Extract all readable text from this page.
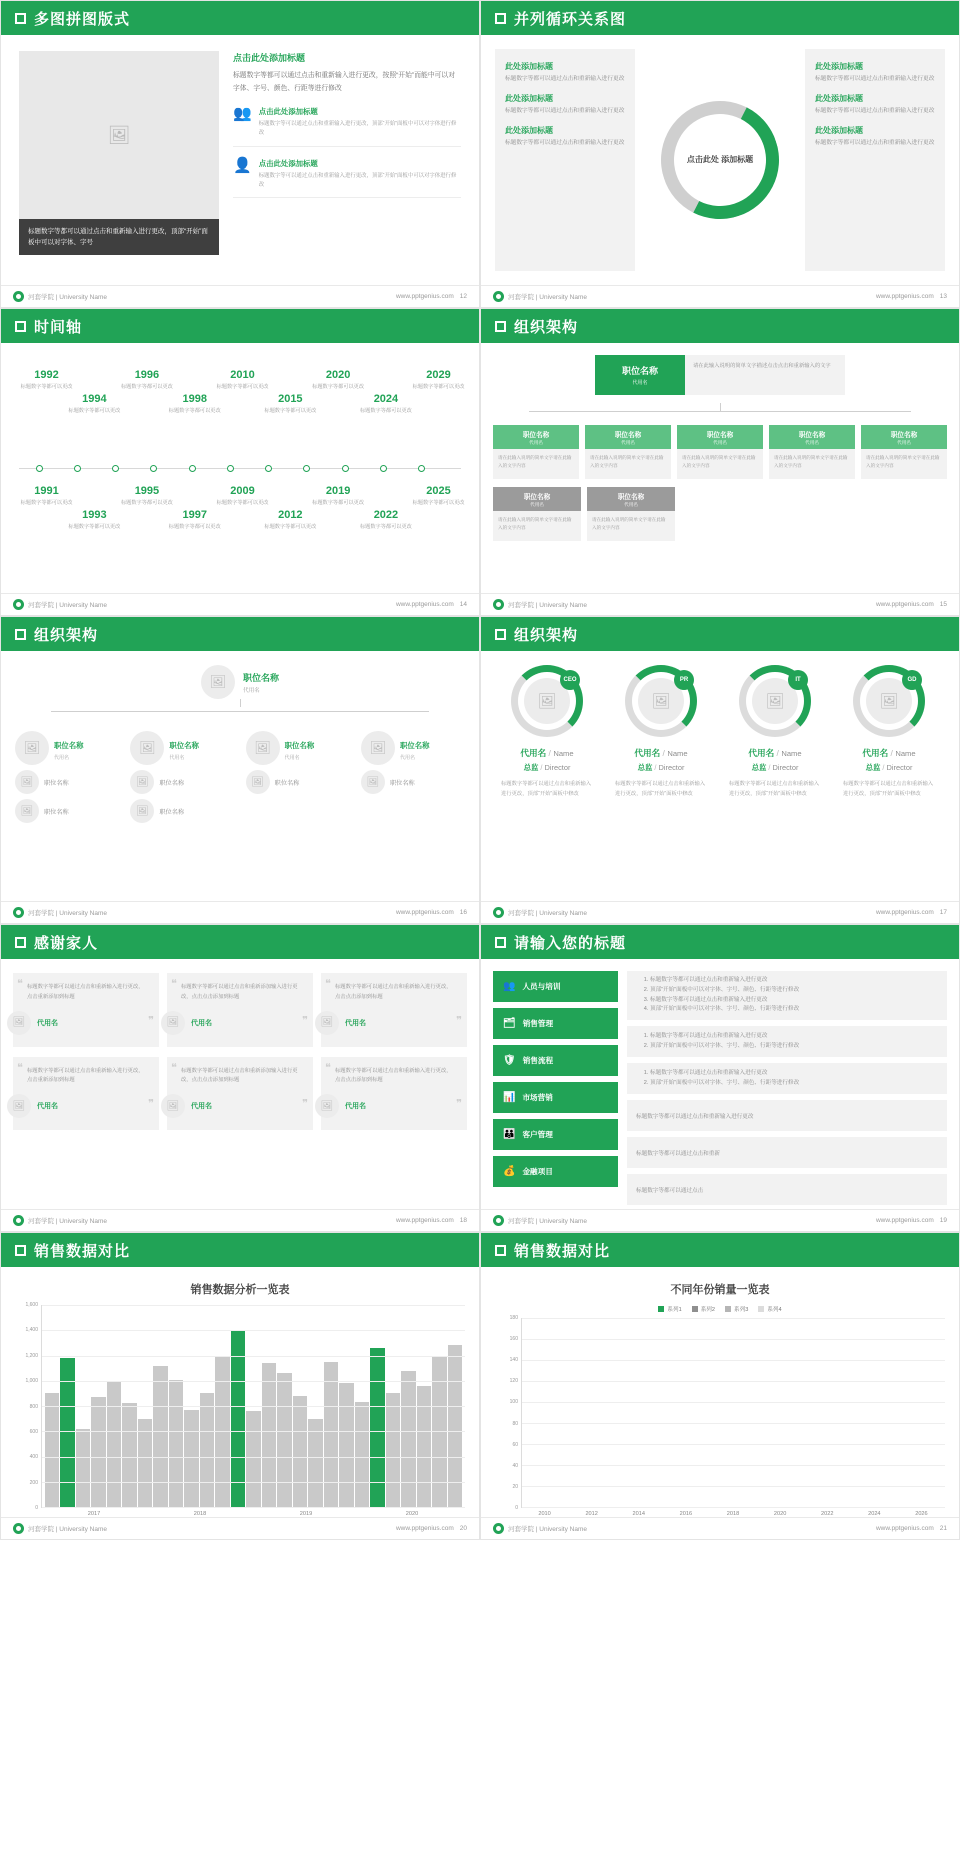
多图拼图版式
🖼
标题数字等都可以通过点击和重新输入进行更改，顶部“开始”面板中可以对字体、字号
点击此处添加标题
标题数字等都可以通过点击和重新输入进行更改，按照“开始”而能中可以对字体、字号、颜色、行距等进行修改
👥 点击此处添加标题
标题数字等可以通过点击和重新输入进行更改，顶部“开始”面板中可以对字体进行修改
👤 点击此处添加标题
标题数字等可以通过点击和重新输入进行更改，顶部“开始”面板中可以对字体进行修改
河套学院 | University Name	www.pptgenius.com 12
并列循环关系图
此处添加标题
标题数字等都可以通过点击和重新输入进行更改
此处添加标题
标题数字等都可以通过点击和重新输入进行更改
此处添加标题
标题数字等都可以通过点击和重新输入进行更改
点击此处 添加标题
此处添加标题
标题数字等都可以通过点击和重新输入进行更改
此处添加标题
标题数字等都可以通过点击和重新输入进行更改
此处添加标题
标题数字等都可以通过点击和重新输入进行更改
河套学院 | University Name	www.pptgenius.com 13
时间轴
1992
标题数字等都可以更改
1994
标题数字等都可以更改
1996
标题数字等都可以更改
1998
标题数字等都可以更改
2010
标题数字等都可以更改
2015
标题数字等都可以更改
2020
标题数字等都可以更改
2024
标题数字等都可以更改
2029
标题数字等都可以更改
1991
标题数字等都可以更改
1993
标题数字等都可以更改
1995
标题数字等都可以更改
1997
标题数字等都可以更改
2009
标题数字等都可以更改
2012
标题数字等都可以更改
2019
标题数字等都可以更改
2022
标题数字等都可以更改
2025
标题数字等都可以更改
河套学院 | University Name	www.pptgenius.com 14
组织架构
职位名称
代用名
请在此输入说明的简单文字描述点击点击和重新输入的文字
职位名称
代用名
请在此输入说明的简单文字请在此输入的文字内容
职位名称
代用名
请在此输入说明的简单文字请在此输入的文字内容
职位名称
代用名
请在此输入说明的简单文字请在此输入的文字内容
职位名称
代用名
请在此输入说明的简单文字请在此输入的文字内容
职位名称
代用名
请在此输入说明的简单文字请在此输入的文字内容
职位名称
代用名
请在此输入说明的简单文字请在此输入的文字内容
职位名称
代用名
请在此输入说明的简单文字请在此输入的文字内容
河套学院 | University Name	www.pptgenius.com 15
组织架构
🖼	职位名称
代用名
🖼	职位名称
代用名
🖼	职位名称
🖼	职位名称
🖼	职位名称
代用名
🖼	职位名称
🖼	职位名称
🖼	职位名称
代用名
🖼	职位名称
🖼	职位名称
代用名
🖼	职位名称
河套学院 | University Name	www.pptgenius.com 16
组织架构
CEO
🖼
代用名 / Name
总监 / Director
标题数字等都可以通过点击和重新输入进行更改，顶部“开始”面板中修改
PR
🖼
代用名 / Name
总监 / Director
标题数字等都可以通过点击和重新输入进行更改，顶部“开始”面板中修改
IT
🖼
代用名 / Name
总监 / Director
标题数字等都可以通过点击和重新输入进行更改，顶部“开始”面板中修改
GD
🖼
代用名 / Name
总监 / Director
标题数字等都可以通过点击和重新输入进行更改，顶部“开始”面板中修改
河套学院 | University Name	www.pptgenius.com 17
感谢家人
❝
❞
标题数字等都可以通过点击和重新输入进行更改，点击重新添加到标题
🖼	代用名
❝
❞
标题数字等都可以通过点击和重新添加输入进行更改，点击点击添加到标题
🖼	代用名
❝
❞
标题数字等都可以通过点击和重新输入进行更改，点击点击添加到标题
🖼	代用名
❝
❞
标题数字等都可以通过点击和重新输入进行更改，点击重新添加到标题
🖼	代用名
❝
❞
标题数字等都可以通过点击和重新添加输入进行更改，点击点击添加到标题
🖼	代用名
❝
❞
标题数字等都可以通过点击和重新输入进行更改，点击点击添加到标题
🖼	代用名
河套学院 | University Name	www.pptgenius.com 18
请输入您的标题
👥 人员与培训
🗂 销售管理
🛡 销售流程
📊 市场营销
👪 客户管理
💰 金融项目
1. 标题数字等都可以通过点击和重新输入进行更改
2. 顶部“开始”面板中可以对字体、字号、颜色、行距等进行修改
3. 标题数字等都可以通过点击和重新输入进行更改
4. 顶部“开始”面板中可以对字体、字号、颜色、行距等进行修改
1. 标题数字等都可以通过点击和重新输入进行更改
2. 顶部“开始”面板中可以对字体、字号、颜色、行距等进行修改
1. 标题数字等都可以通过点击和重新输入进行更改
2. 顶部“开始”面板中可以对字体、字号、颜色、行距等进行修改
标题数字等都可以通过点击和重新输入进行更改
标题数字等都可以通过点击和重新
标题数字等都可以通过点击
河套学院 | University Name	www.pptgenius.com 19
销售数据对比
销售数据分析一览表
0
200
400
600
800
1,000
1,200
1,400
1,600
2017	2018	2019	2020
河套学院 | University Name	www.pptgenius.com 20
销售数据对比
不同年份销量一览表
系列1	系列2	系列3	系列4
0
20
40
60
80
100
120
140
160
180
2010	2012	2014	2016	2018	2020	2022	2024	2026
河套学院 | University Name	www.pptgenius.com 21
